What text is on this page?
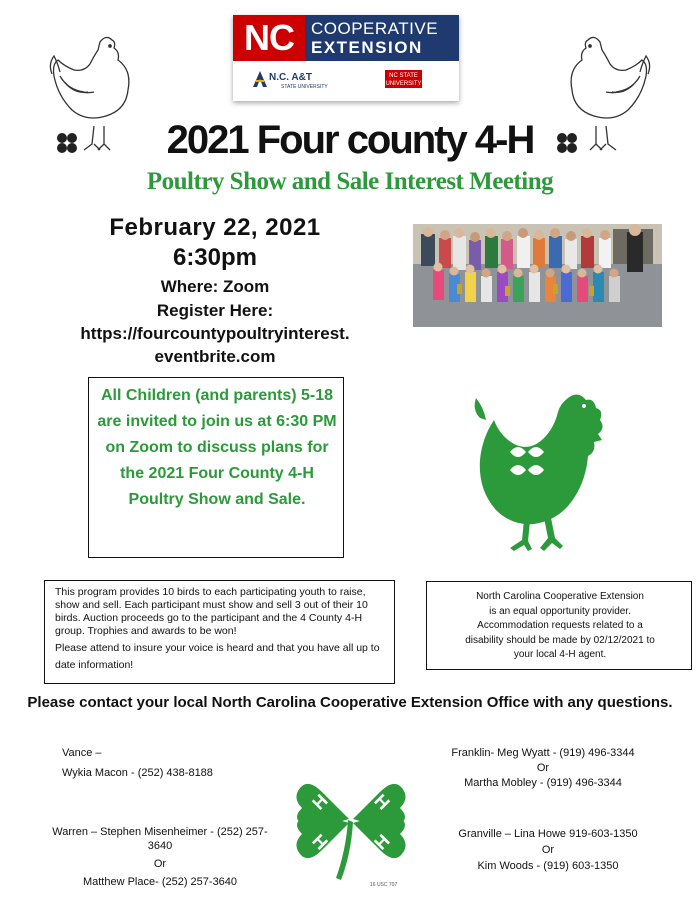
NC	COOPERATIVE
EXTENSION
N.C. A&T
STATE UNIVERSITY
NC STATE
UNIVERSITY
2021 Four county 4-H
Poultry Show and Sale Interest Meeting
February 22, 2021
6:30pm
Where: Zoom
Register Here:
https://fourcountypoultryinterest.
eventbrite.com
All Children (and parents) 5-18 are invited to join us at 6:30 PM on Zoom to discuss plans for the 2021 Four County 4-H Poultry Show and Sale.
This program provides 10 birds to each participating youth to raise, show and sell. Each participant must show and sell 3 out of their 10 birds. Auction proceeds go to the participant and the 4 County 4-H group. Trophies and awards to be won!
Please attend to insure your voice is heard and that you have all up to date information!
North Carolina Cooperative Extension
is an equal opportunity provider.
Accommodation requests related to a
disability should be made by 02/12/2021 to
your local 4-H agent.
Please contact your local North Carolina Cooperative Extension Office with any questions.
Vance –
Wykia Macon - (252) 438-8188
Franklin- Meg Wyatt - (919) 496-3344
Or
Martha Mobley - (919) 496-3344
Warren – Stephen Misenheimer - (252) 257-3640
Or
Matthew Place- (252) 257-3640
Granville – Lina Howe 919-603-1350
Or
Kim Woods - (919) 603-1350
H H
H H
16 USC 707
